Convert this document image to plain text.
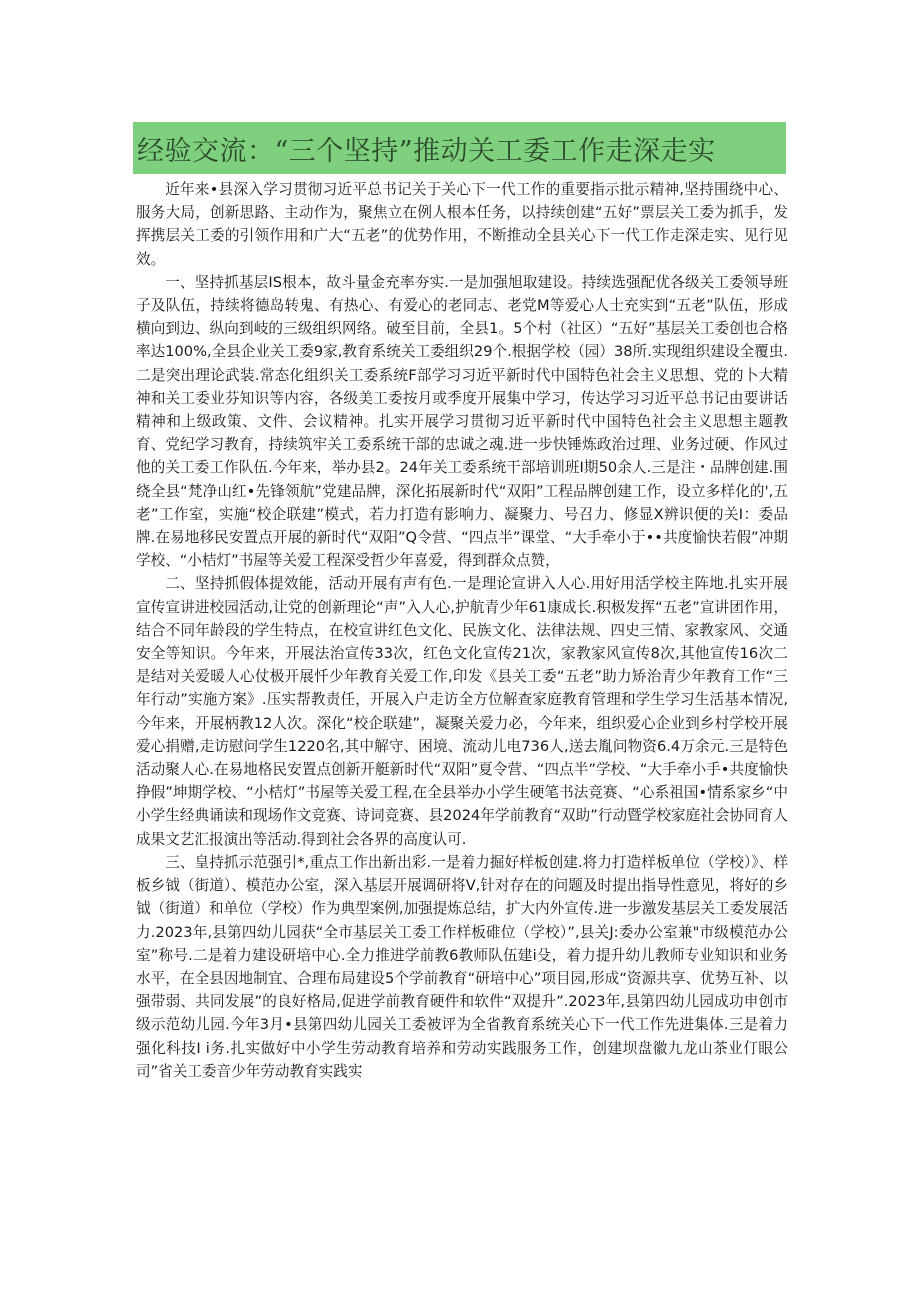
经验交流：“三个坚持”推动关工委工作走深走实

近年来•县深入学习贯彻习近平总书记关于关心下一代工作的重要指示批示精神,坚持围绕中心、服务大局，创新思路、主动作为，聚焦立在例人根本任务，以持续创建“五好”票层关工委为抓手，发挥携层关工委的引领作用和广大“五老”的优势作用，不断推动全县关心下一代工作走深走实、见行见效。

一、坚持抓基层IS根本，故斗量金充率夯实.一是加强旭取建设。持续选强配优各级关工委领导班子及队伍，持续将德岛转鬼、有热心、有爱心的老同志、老党M等爱心人士充实到“五老”队伍，形成横向到边、纵向到岐的三级组织网络。破至目前，全县1。5个村（社区）“五好”基层关工委创也合格率达100%,全县企业关工委9家,教育系统关工委组织29个.根据学校（园）38所.实现组织建设全覆虫.二是突出理论武装.常态化组织关工委系统F部学习习近平新时代中国特色社会主义思想、党的卜大精神和关工委业芬知识等内容，各级美工委按月或季度开展集中学习，传达学习习近平总书记由要讲话精神和上级政策、文件、会议精神。扎实开展学习贯彻习近平新时代中国特色社会主义思想主题教育、党纪学习教育，持续筑牢关工委系统干部的忠诚之魂.进一步快锤炼政治过理、业务过硬、作风过他的关工委工作队伍.今年来，举办县2。24年关工委系统干部培训班I期50余人.三是注・品牌创建.围绕全县“梵净山红•先锋领航”党建品牌，深化拓展新时代“双阳”工程品牌创建工作，设立多样化的',五老”工作室，实施“校企联建”模式，若力打造有影响力、凝聚力、号召力、修显X辨识便的关I：委品牌.在易地移民安置点开展的新时代“双阳”Q令营、“四点半”课堂、“大手牵小于••共度愉快若假”冲期学校、“小桔灯”书屋等关爱工程深受哲少年喜爱，得到群众点赞，

二、坚持抓假体提效能，活动开展有声有色.一是理论宣讲入人心.用好用活学校主阵地.扎实开展宣传宣讲进校园活动,让党的创新理论“声”入人心,护航青少年61康成长.积极发挥“五老”宣讲团作用，结合不同年龄段的学生特点，在校宣讲红色文化、民族文化、法律法规、四史三情、家教家风、交通安全等知识。今年来，开展法治宣传33次，红色文化宣传21次，家教家风宣传8次,其他宣传16次二是结对关爱暖人心仗极开展忏少年教育关爱工作,印发《县关工委“五老”助力矫治青少年教育工作“三年行动”实施方案》.压实帮教责任，开展入户走访全方位解查家庭教育管理和学生学习生活基本情况,今年来，开展柄教12人次。深化“校企联建”，凝聚关爱力必，今年来，组织爱心企业到乡村学校开展爱心捐赠,走访慰问学生1220名,其中解守、困境、流动儿电736人,送去胤问物资6.4万余元.三是特色活动聚人心.在易地格民安置点创新开艇新时代“双阳”夏令营、“四点半”学校、“大手牵小手•共度愉快挣假”坤期学校、“小桔灯”书屋等关爱工程,在全县举办小学生硬笔书法竞赛、“心系祖国•情系家乡“中小学生经典诵读和现场作文竞赛、诗词竞赛、县2024年学前教育“双助”行动暨学校家庭社会协同育人成果文艺汇报演出等活动.得到社会各界的高度认可.

三、皇持抓示范强引*,重点工作出新出彩.一是着力掘好样板创建.将力打造样板单位（学校）》、样板乡钺（街道）、模范办公室，深入基层开展调研将V,针对存在的问题及时提出指导性意见，将好的乡钺（街道）和单位（学校）作为典型案例,加强提炼总结，扩大内外宣传.进一步激发基层关工委发展活力.2023年,县第四幼儿园获“全市基层关工委工作样板碓位（学校）”,县关J:委办公室兼"市级模范办公室”称号.二是着力建设研培中心.全力推进学前教6教师队伍建i殳，着力提升幼儿教师专业知识和业务水平，在全县因地制宜、合理布局建设5个学前教育“研培中心”项目园,形成“资源共享、优势互补、以强带弱、共同发展”的良好格局,促进学前教育硬件和软件“双提升”.2023年,县第四幼儿园成功申创市级示范幼儿园.今年3月•县第四幼儿园关工委被评为全省教育系统关心下一代工作先进集体.三是着力强化科技I i务.扎实做好中小学生劳动教育培养和劳动实践服务工作，创建坝盘徽九龙山茶业仃眼公司”省关工委音少年劳动教育实践实
